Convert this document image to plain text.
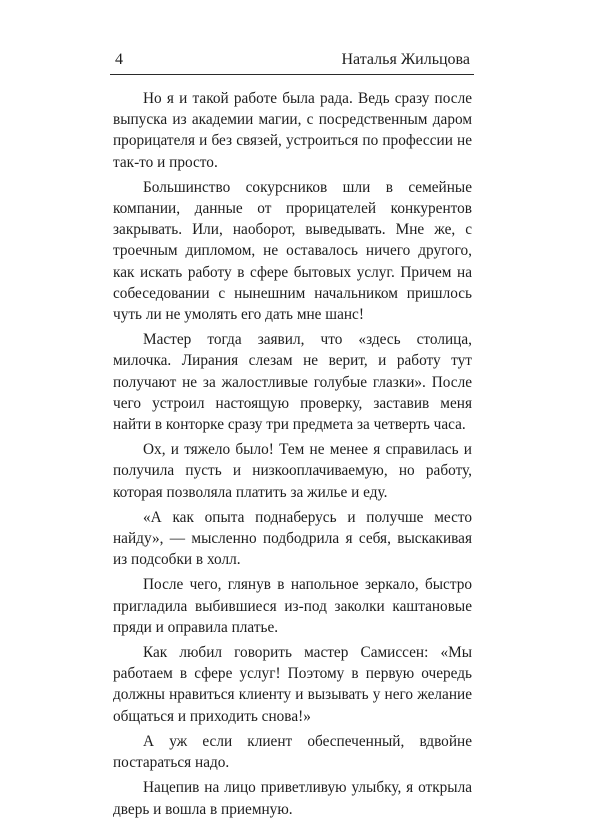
4	Наталья Жильцова

Но я и такой работе была рада. Ведь сразу после выпуска из академии магии, с посредственным даром прорицателя и без связей, устроиться по профессии не так-то и просто.

Большинство сокурсников шли в семейные компании, данные от прорицателей конкурентов закрывать. Или, наоборот, выведывать. Мне же, с троечным дипломом, не оставалось ничего другого, как искать работу в сфере бытовых услуг. Причем на собеседовании с нынешним начальником пришлось чуть ли не умолять его дать мне шанс!

Мастер тогда заявил, что «здесь столица, милочка. Лирания слезам не верит, и работу тут получают не за жалостливые голубые глазки». После чего устроил настоящую проверку, заставив меня найти в конторке сразу три предмета за четверть часа.

Ох, и тяжело было! Тем не менее я справилась и получила пусть и низкооплачиваемую, но работу, которая позволяла платить за жилье и еду.

«А как опыта поднаберусь и получше место найду», — мысленно подбодрила я себя, выскакивая из подсобки в холл.

После чего, глянув в напольное зеркало, быстро пригладила выбившиеся из-под заколки каштановые пряди и оправила платье.

Как любил говорить мастер Самиссен: «Мы работаем в сфере услуг! Поэтому в первую очередь должны нравиться клиенту и вызывать у него желание общаться и приходить снова!»

А уж если клиент обеспеченный, вдвойне постараться надо.

Нацепив на лицо приветливую улыбку, я открыла дверь и вошла в приемную.
